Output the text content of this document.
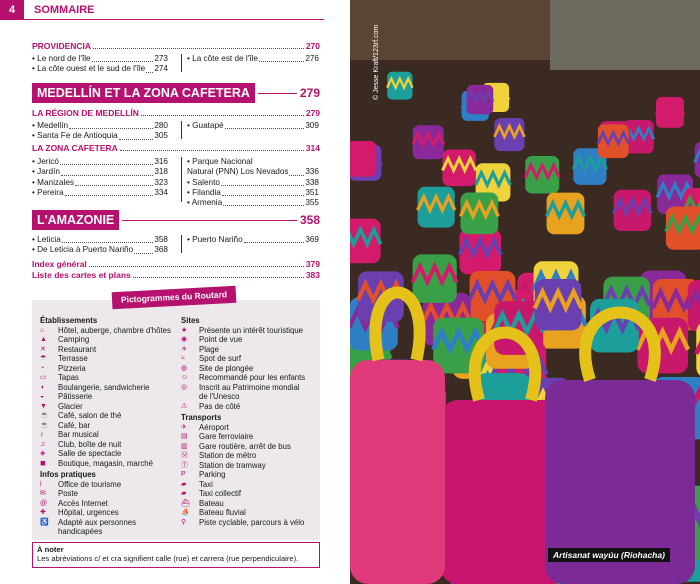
4	SOMMAIRE
PROVIDENCIA	270
• Le nord de l'île	273
• La côte ouest et le sud de l'île 274
• La côte est de l'île	276
MEDELLÍN ET LA ZONA CAFETERA	279
LA RÉGION DE MEDELLÍN	279
• Medellín	280
• Santa Fe de Antioquia	305
• Guatapé	309
LA ZONA CAFETERA	314
• Jericó	316
• Jardín	318
• Manizales	323
• Pereira	334
• Parque Nacional
Natural (PNN) Los Nevados 336
• Salento	338
• Filandia	351
• Armenia	355
L'AMAZONIE	358
• Leticia	358
• De Leticia à Puerto Nariño	368
• Puerto Nariño	369
Index général	379
Liste des cartes et plans	383
Établissements
⌂	Hôtel, auberge, chambre d'hôtes
▲	Camping
✕	Restaurant
☂	Terrasse
◔	Pizzeria
▭	Tapas
◖	Boulangerie, sandwicherie
◒	Pâtisserie
▼	Glacier
☕	Café, salon de thé
☕	Café, bar
♪	Bar musical
♫	Club, boîte de nuit
◈	Salle de spectacle
◼	Boutique, magasin, marché
Infos pratiques
i	Office de tourisme
✉	Poste
@	Accès Internet
✚	Hôpital, urgences
♿	Adapté aux personnes
handicapées
Sites
★	Présente un intérêt touristique
◉	Point de vue
☀	Plage
≈	Spot de surf
◍	Site de plongée
☺	Recommandé pour les enfants
◎	Inscrit au Patrimoine mondial
de l'Unesco
⚠	Pas de côté
Transports
✈	Aéroport
▤	Gare ferroviaire
▥	Gare routière, arrêt de bus
Ⓜ	Station de métro
Ⓣ	Station de tramway
P	Parking
▰	Taxi
▰	Taxi collectif
⛴	Bateau
⛵	Bateau fluvial
⚲	Piste cyclable, parcours à vélo
Pictogrammes du Routard
À noter
Les abréviations c/ et cra signifient calle (rue) et carrera (rue perpendiculaire).
© Jesse Kraft/123rf.com
Artisanat wayúu (Riohacha)
